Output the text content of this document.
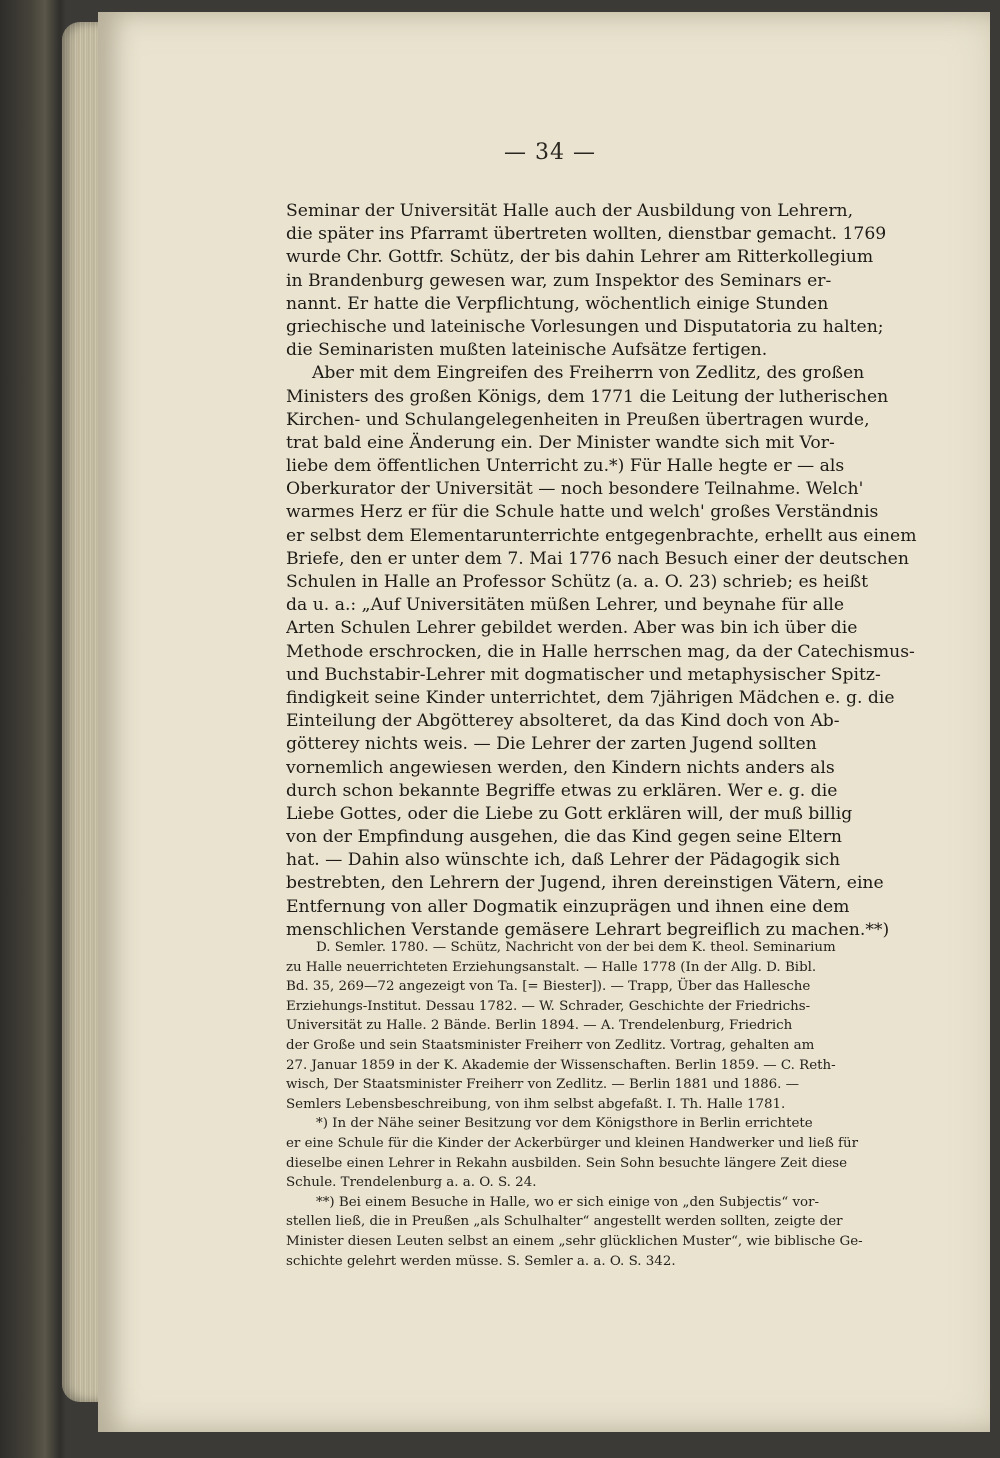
— 34 —
Seminar der Universität Halle auch der Ausbildung von Lehrern,
die später ins Pfarramt übertreten wollten, dienstbar gemacht. 1769
wurde Chr. Gottfr. Schütz, der bis dahin Lehrer am Ritterkollegium
in Brandenburg gewesen war, zum Inspektor des Seminars er-
nannt. Er hatte die Verpflichtung, wöchentlich einige Stunden
griechische und lateinische Vorlesungen und Disputatoria zu halten;
die Seminaristen mußten lateinische Aufsätze fertigen.
Aber mit dem Eingreifen des Freiherrn von Zedlitz, des großen
Ministers des großen Königs, dem 1771 die Leitung der lutherischen
Kirchen- und Schulangelegenheiten in Preußen übertragen wurde,
trat bald eine Änderung ein. Der Minister wandte sich mit Vor-
liebe dem öffentlichen Unterricht zu.*) Für Halle hegte er — als
Oberkurator der Universität — noch besondere Teilnahme. Welch'
warmes Herz er für die Schule hatte und welch' großes Verständnis
er selbst dem Elementarunterrichte entgegenbrachte, erhellt aus einem
Briefe, den er unter dem 7. Mai 1776 nach Besuch einer der deutschen
Schulen in Halle an Professor Schütz (a. a. O. 23) schrieb; es heißt
da u. a.: „Auf Universitäten müßen Lehrer, und beynahe für alle
Arten Schulen Lehrer gebildet werden. Aber was bin ich über die
Methode erschrocken, die in Halle herrschen mag, da der Catechismus-
und Buchstabir-Lehrer mit dogmatischer und metaphysischer Spitz-
findigkeit seine Kinder unterrichtet, dem 7jährigen Mädchen e. g. die
Einteilung der Abgötterey absolteret, da das Kind doch von Ab-
götterey nichts weis. — Die Lehrer der zarten Jugend sollten
vornemlich angewiesen werden, den Kindern nichts anders als
durch schon bekannte Begriffe etwas zu erklären. Wer e. g. die
Liebe Gottes, oder die Liebe zu Gott erklären will, der muß billig
von der Empfindung ausgehen, die das Kind gegen seine Eltern
hat. — Dahin also wünschte ich, daß Lehrer der Pädagogik sich
bestrebten, den Lehrern der Jugend, ihren dereinstigen Vätern, eine
Entfernung von aller Dogmatik einzuprägen und ihnen eine dem
menschlichen Verstande gemäsere Lehrart begreiflich zu machen.**)
D. Semler. 1780. — Schütz, Nachricht von der bei dem K. theol. Seminarium
zu Halle neuerrichteten Erziehungsanstalt. — Halle 1778 (In der Allg. D. Bibl.
Bd. 35, 269—72 angezeigt von Ta. [= Biester]). — Trapp, Über das Hallesche
Erziehungs-Institut. Dessau 1782. — W. Schrader, Geschichte der Friedrichs-
Universität zu Halle. 2 Bände. Berlin 1894. — A. Trendelenburg, Friedrich
der Große und sein Staatsminister Freiherr von Zedlitz. Vortrag, gehalten am
27. Januar 1859 in der K. Akademie der Wissenschaften. Berlin 1859. — C. Reth-
wisch, Der Staatsminister Freiherr von Zedlitz. — Berlin 1881 und 1886. —
Semlers Lebensbeschreibung, von ihm selbst abgefaßt. I. Th. Halle 1781.
*) In der Nähe seiner Besitzung vor dem Königsthore in Berlin errichtete
er eine Schule für die Kinder der Ackerbürger und kleinen Handwerker und ließ für
dieselbe einen Lehrer in Rekahn ausbilden. Sein Sohn besuchte längere Zeit diese
Schule. Trendelenburg a. a. O. S. 24.
**) Bei einem Besuche in Halle, wo er sich einige von „den Subjectis“ vor-
stellen ließ, die in Preußen „als Schulhalter“ angestellt werden sollten, zeigte der
Minister diesen Leuten selbst an einem „sehr glücklichen Muster“, wie biblische Ge-
schichte gelehrt werden müsse. S. Semler a. a. O. S. 342.
